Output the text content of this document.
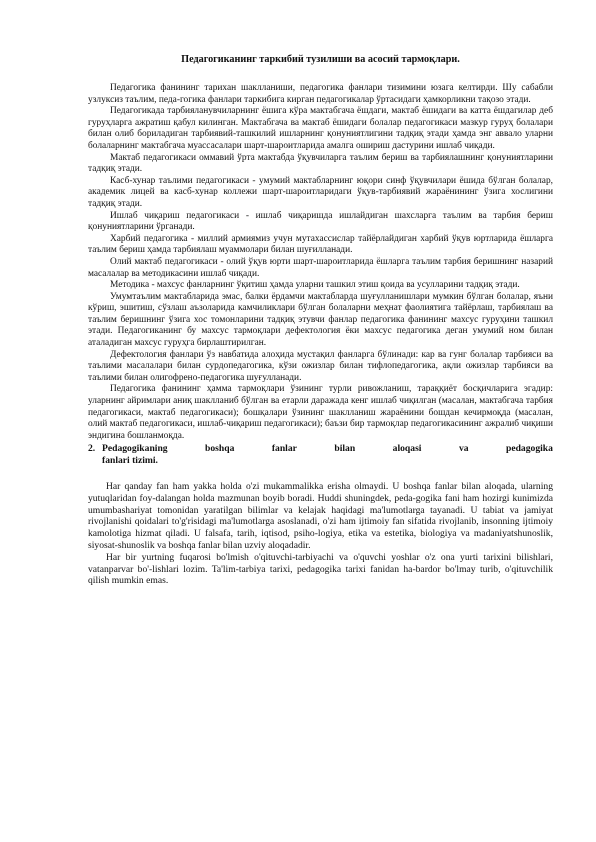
Педагогиканинг таркибий тузилиши ва асосий тармоқлари.

Педагогика фанининг тарихан шаклланиши, педагогика фанлари тизимини юзага келтирди. Шу сабабли узлуксиз таълим, педа-гогика фанлари таркибига кирган педагогикалар ўртасидаги ҳамкорликни тақозо этади.

Педагогикада тарбияланувчиларнинг ёшига кўра мактабгача ёшдаги, мактаб ёшидаги ва катта ёшдагилар деб гуруҳларга ажратиш қабул килинган. Мактабгача ва мактаб ёшидаги болалар педагогикаси мазкур гуруҳ болалари билан олиб бориладиган тарбиявий-ташкилий ишларнинг қонуниятлигини тадқиқ этади ҳамда энг аввало уларни болаларнинг мактабгача муассасалари шарт-шароитларида амалга ошириш дастурини ишлаб чиқади.

Мактаб педагогикаси оммавий ўрта мактабда ўқувчиларга таълим бериш ва тарбиялашнинг қонуниятларини тадқиқ этади.

Касб-хунар таълими педагогикаси - умумий мактабларнинг юқори синф ўқувчилари ёшида бўлган болалар, академик лицей ва касб-хунар коллежи шарт-шароитларидаги ўқув-тарбиявий жараёнининг ўзига хослигини тадқиқ этади.

Ишлаб чиқариш педагогикаси - ишлаб чиқаришда ишлайдиган шахсларга таълим ва тарбия бериш қонуниятларини ўрганади.

Харбий педагогика - миллий армиямиз учун мутахассислар тайёрлайдиган харбий ўқув юртларида ёшларга таълим бериш ҳамда тарбиялаш муаммолари билан шуғилланади.

Олий мактаб педагогикаси - олий ўқув юрти шарт-шароитларида ёшларга таълим тарбия беришнинг назарий масалалар ва методикасини ишлаб чиқади.

Методика - махсус фанларнинг ўқитиш ҳамда уларни ташкил этиш қоида ва усулларини тадқиқ этади.

Умумтаълим мактабларида эмас, балки ёрдамчи мактабларда шуғулланишлари мумкин бўлган болалар, яъни кўриш, эшитиш, сўзлаш аъзоларида камчиликлари бўлган болаларни меҳнат фаолиятига тайёрлаш, тарбиялаш ва таълим беришнинг ўзига хос томонларини тадқиқ этувчи фанлар педагогика фанининг махсус гуруҳини ташкил этади. Педагогиканинг бу махсус тармоқлари дефектология ёки махсус педагогика деган умумий ном билан аталадиган махсус гуруҳга бирлаштирилган.

Дефектология фанлари ўз навбатида алоҳида мустақил фанларга бўлинади: кар ва гунг болалар тарбияси ва таълими масалалари билан сурдопедагогика, кўзи ожизлар билан тифлопедагогика, ақли ожизлар тарбияси ва таълими билан олигофрено-педагогика шуғулланади.

Педагогика фанининг ҳамма тармоқлари ўзининг турли ривожланиш, тараққиёт босқичларига эгадир: уларнинг айримлари аниқ шаклланиб бўлган ва етарли даражада кенг ишлаб чиқилган (масалан, мактабгача тарбия педагогикаси, мактаб педагогикаси); бошқалари ўзининг шаклланиш жараёнини бошдан кечирмоқда (масалан, олий мактаб педагогикаси, ишлаб-чиқариш педагогикаси); баъзи бир тармоқлар педагогикасининг ажралиб чиқиши эндигина бошланмоқда.

2. Pedagogikaning	boshqa	fanlar	bilan	aloqasi	va	pedagogika
fanlari tizimi.

Har qanday fan ham yakka holda o'zi mukammalikka erisha olmaydi. U boshqa fanlar bilan aloqada, ularning yutuqlaridan foy-dalangan holda mazmunan boyib boradi. Huddi shuningdek, peda-gogika fani ham hozirgi kunimizda umumbashariyat tomonidan yaratilgan bilimlar va kelajak haqidagi ma'lumotlarga tayanadi. U tabiat va jamiyat rivojlanishi qoidalari to'g'risidagi ma'lumotlarga asoslanadi, o'zi ham ijtimoiy fan sifatida rivojlanib, insonning ijtimoiy kamolotiga hizmat qiladi. U falsafa, tarih, iqtisod, psiho-logiya, etika va estetika, biologiya va madaniyatshunoslik, siyosat-shunoslik va boshqa fanlar bilan uzviy aloqadadir.

Har bir yurtning fuqarosi bo'lmish o'qituvchi-tarbiyachi va o'quvchi yoshlar o'z ona yurti tarixini bilishlari, vatanparvar bo'-lishlari lozim. Ta'lim-tarbiya tarixi, pedagogika tarixi fanidan ha-bardor bo'lmay turib, o'qituvchilik qilish mumkin emas.
